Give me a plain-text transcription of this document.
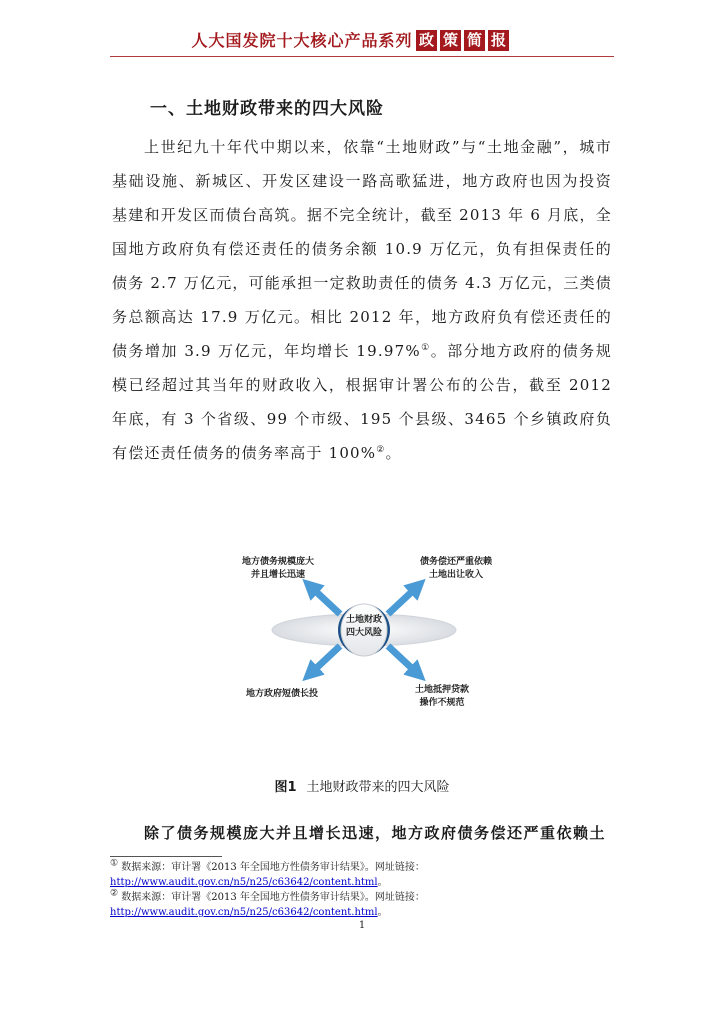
人大国发院十大核心产品系列 政 策 简 报
一、土地财政带来的四大风险

上世纪九十年代中期以来，依靠“土地财政”与“土地金融”，城市基础设施、新城区、开发区建设一路高歌猛进，地方政府也因为投资基建和开发区而债台高筑。据不完全统计，截至 2013 年 6 月底，全国地方政府负有偿还责任的债务余额 10.9 万亿元，负有担保责任的债务 2.7 万亿元，可能承担一定救助责任的债务 4.3 万亿元，三类债务总额高达 17.9 万亿元。相比 2012 年，地方政府负有偿还责任的债务增加 3.9 万亿元，年均增长 19.97%①。部分地方政府的债务规模已经超过其当年的财政收入，根据审计署公布的公告，截至 2012 年底，有 3 个省级、99 个市级、195 个县级、3465 个乡镇政府负有偿还责任债务的债务率高于 100%②。

土地财政
四大风险
地方债务规模庞大
并且增长迅速
债务偿还严重依赖
土地出让收入
地方政府短债长投	土地抵押贷款
操作不规范
图1 土地财政带来的四大风险
除了债务规模庞大并且增长迅速，地方政府债务偿还严重依赖土
① 数据来源：审计署《2013 年全国地方性债务审计结果》。网址链接：
http://www.audit.gov.cn/n5/n25/c63642/content.html。
② 数据来源：审计署《2013 年全国地方性债务审计结果》。网址链接：
http://www.audit.gov.cn/n5/n25/c63642/content.html。
1
